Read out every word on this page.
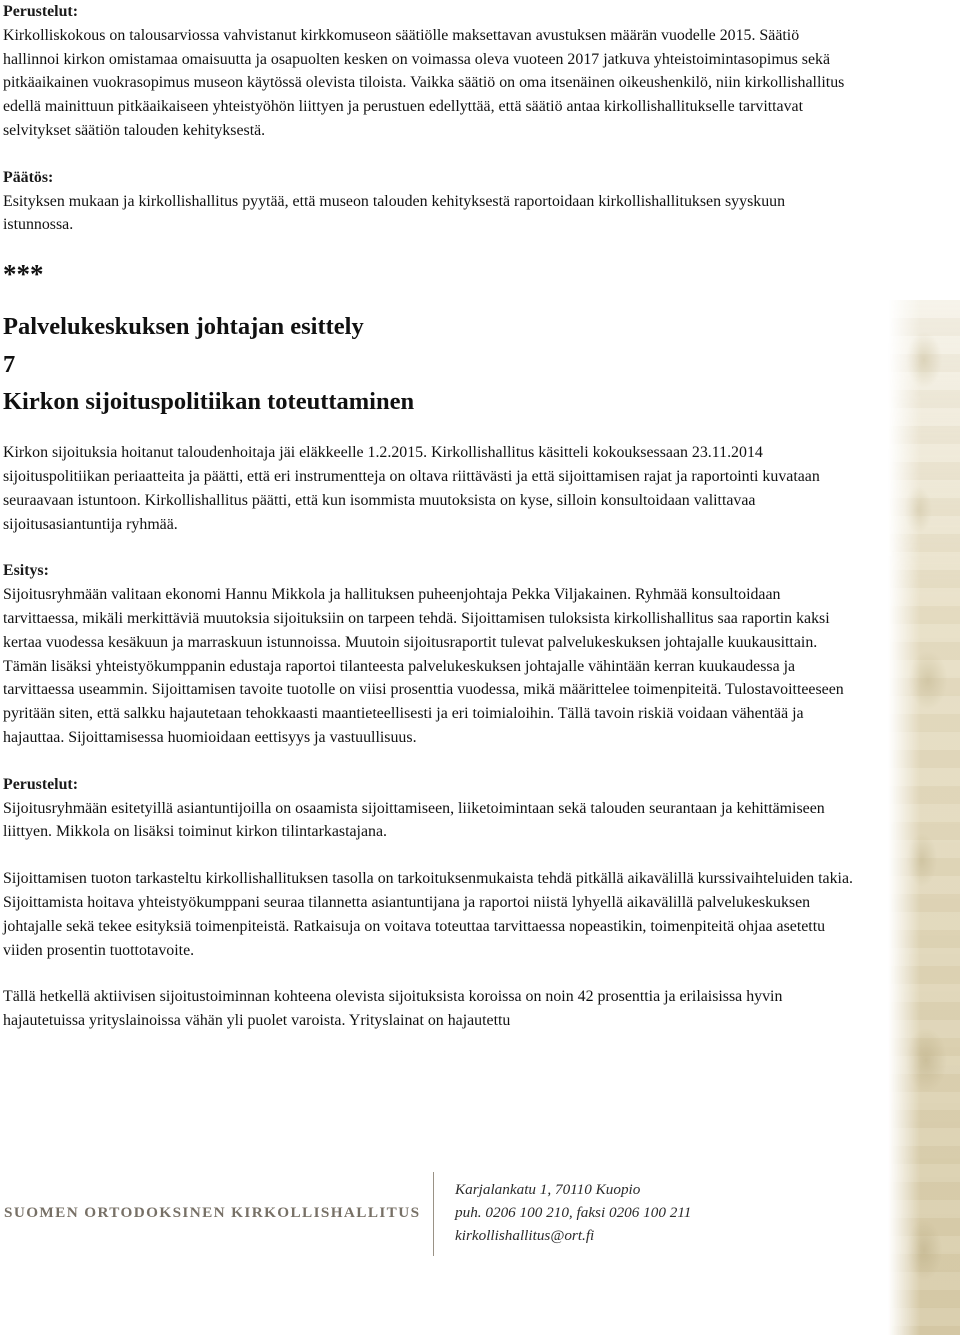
Perustelut:

Kirkolliskokous on talousarviossa vahvistanut kirkkomuseon säätiölle maksettavan avustuksen määrän vuodelle 2015. Säätiö hallinnoi kirkon omistamaa omaisuutta ja osapuolten kesken on voimassa oleva vuoteen 2017 jatkuva yhteistoimintasopimus sekä pitkäaikainen vuokrasopimus museon käytössä olevista tiloista. Vaikka säätiö on oma itsenäinen oikeushenkilö, niin kirkollishallitus edellä mainittuun pitkäaikaiseen yhteistyöhön liittyen ja perustuen edellyttää, että säätiö antaa kirkollishallitukselle tarvittavat selvitykset säätiön talouden kehityksestä.

Päätös:

Esityksen mukaan ja kirkollishallitus pyytää, että museon talouden kehityksestä raportoidaan kirkollishallituksen syyskuun istunnossa.

***

Palvelukeskuksen johtajan esittely

7

Kirkon sijoituspolitiikan toteuttaminen

Kirkon sijoituksia hoitanut taloudenhoitaja jäi eläkkeelle 1.2.2015. Kirkollishallitus käsitteli kokouksessaan 23.11.2014 sijoituspolitiikan periaatteita ja päätti, että eri instrumentteja on oltava riittävästi ja että sijoittamisen rajat ja raportointi kuvataan seuraavaan istuntoon. Kirkollishallitus päätti, että kun isommista muutoksista on kyse, silloin konsultoidaan valittavaa sijoitusasiantuntija ryhmää.

Esitys:

Sijoitusryhmään valitaan ekonomi Hannu Mikkola ja hallituksen puheenjohtaja Pekka Viljakainen. Ryhmää konsultoidaan tarvittaessa, mikäli merkittäviä muutoksia sijoituksiin on tarpeen tehdä. Sijoittamisen tuloksista kirkollishallitus saa raportin kaksi kertaa vuodessa kesäkuun ja marraskuun istunnoissa. Muutoin sijoitusraportit tulevat palvelukeskuksen johtajalle kuukausittain. Tämän lisäksi yhteistyökumppanin edustaja raportoi tilanteesta palvelukeskuksen johtajalle vähintään kerran kuukaudessa ja tarvittaessa useammin. Sijoittamisen tavoite tuotolle on viisi prosenttia vuodessa, mikä määrittelee toimenpiteitä. Tulostavoitteeseen pyritään siten, että salkku hajautetaan tehokkaasti maantieteellisesti ja eri toimialoihin. Tällä tavoin riskiä voidaan vähentää ja hajauttaa. Sijoittamisessa huomioidaan eettisyys ja vastuullisuus.

Perustelut:

Sijoitusryhmään esitetyillä asiantuntijoilla on osaamista sijoittamiseen, liiketoimintaan sekä talouden seurantaan ja kehittämiseen liittyen. Mikkola on lisäksi toiminut kirkon tilintarkastajana.

Sijoittamisen tuoton tarkasteltu kirkollishallituksen tasolla on tarkoituksenmukaista tehdä pitkällä aikavälillä kurssivaihteluiden takia. Sijoittamista hoitava yhteistyökumppani seuraa tilannetta asiantuntijana ja raportoi niistä lyhyellä aikavälillä palvelukeskuksen johtajalle sekä tekee esityksiä toimenpiteistä. Ratkaisuja on voitava toteuttaa tarvittaessa nopeastikin, toimenpiteitä ohjaa asetettu viiden prosentin tuottotavoite.

Tällä hetkellä aktiivisen sijoitustoiminnan kohteena olevista sijoituksista koroissa on noin 42 prosenttia ja erilaisissa hyvin hajautetuissa yrityslainoissa vähän yli puolet varoista. Yrityslainat on hajautettu

SUOMEN ORTODOKSINEN KIRKOLLISHALLITUS
Karjalankatu 1, 70110 Kuopio
puh. 0206 100 210, faksi 0206 100 211
kirkollishallitus@ort.fi
